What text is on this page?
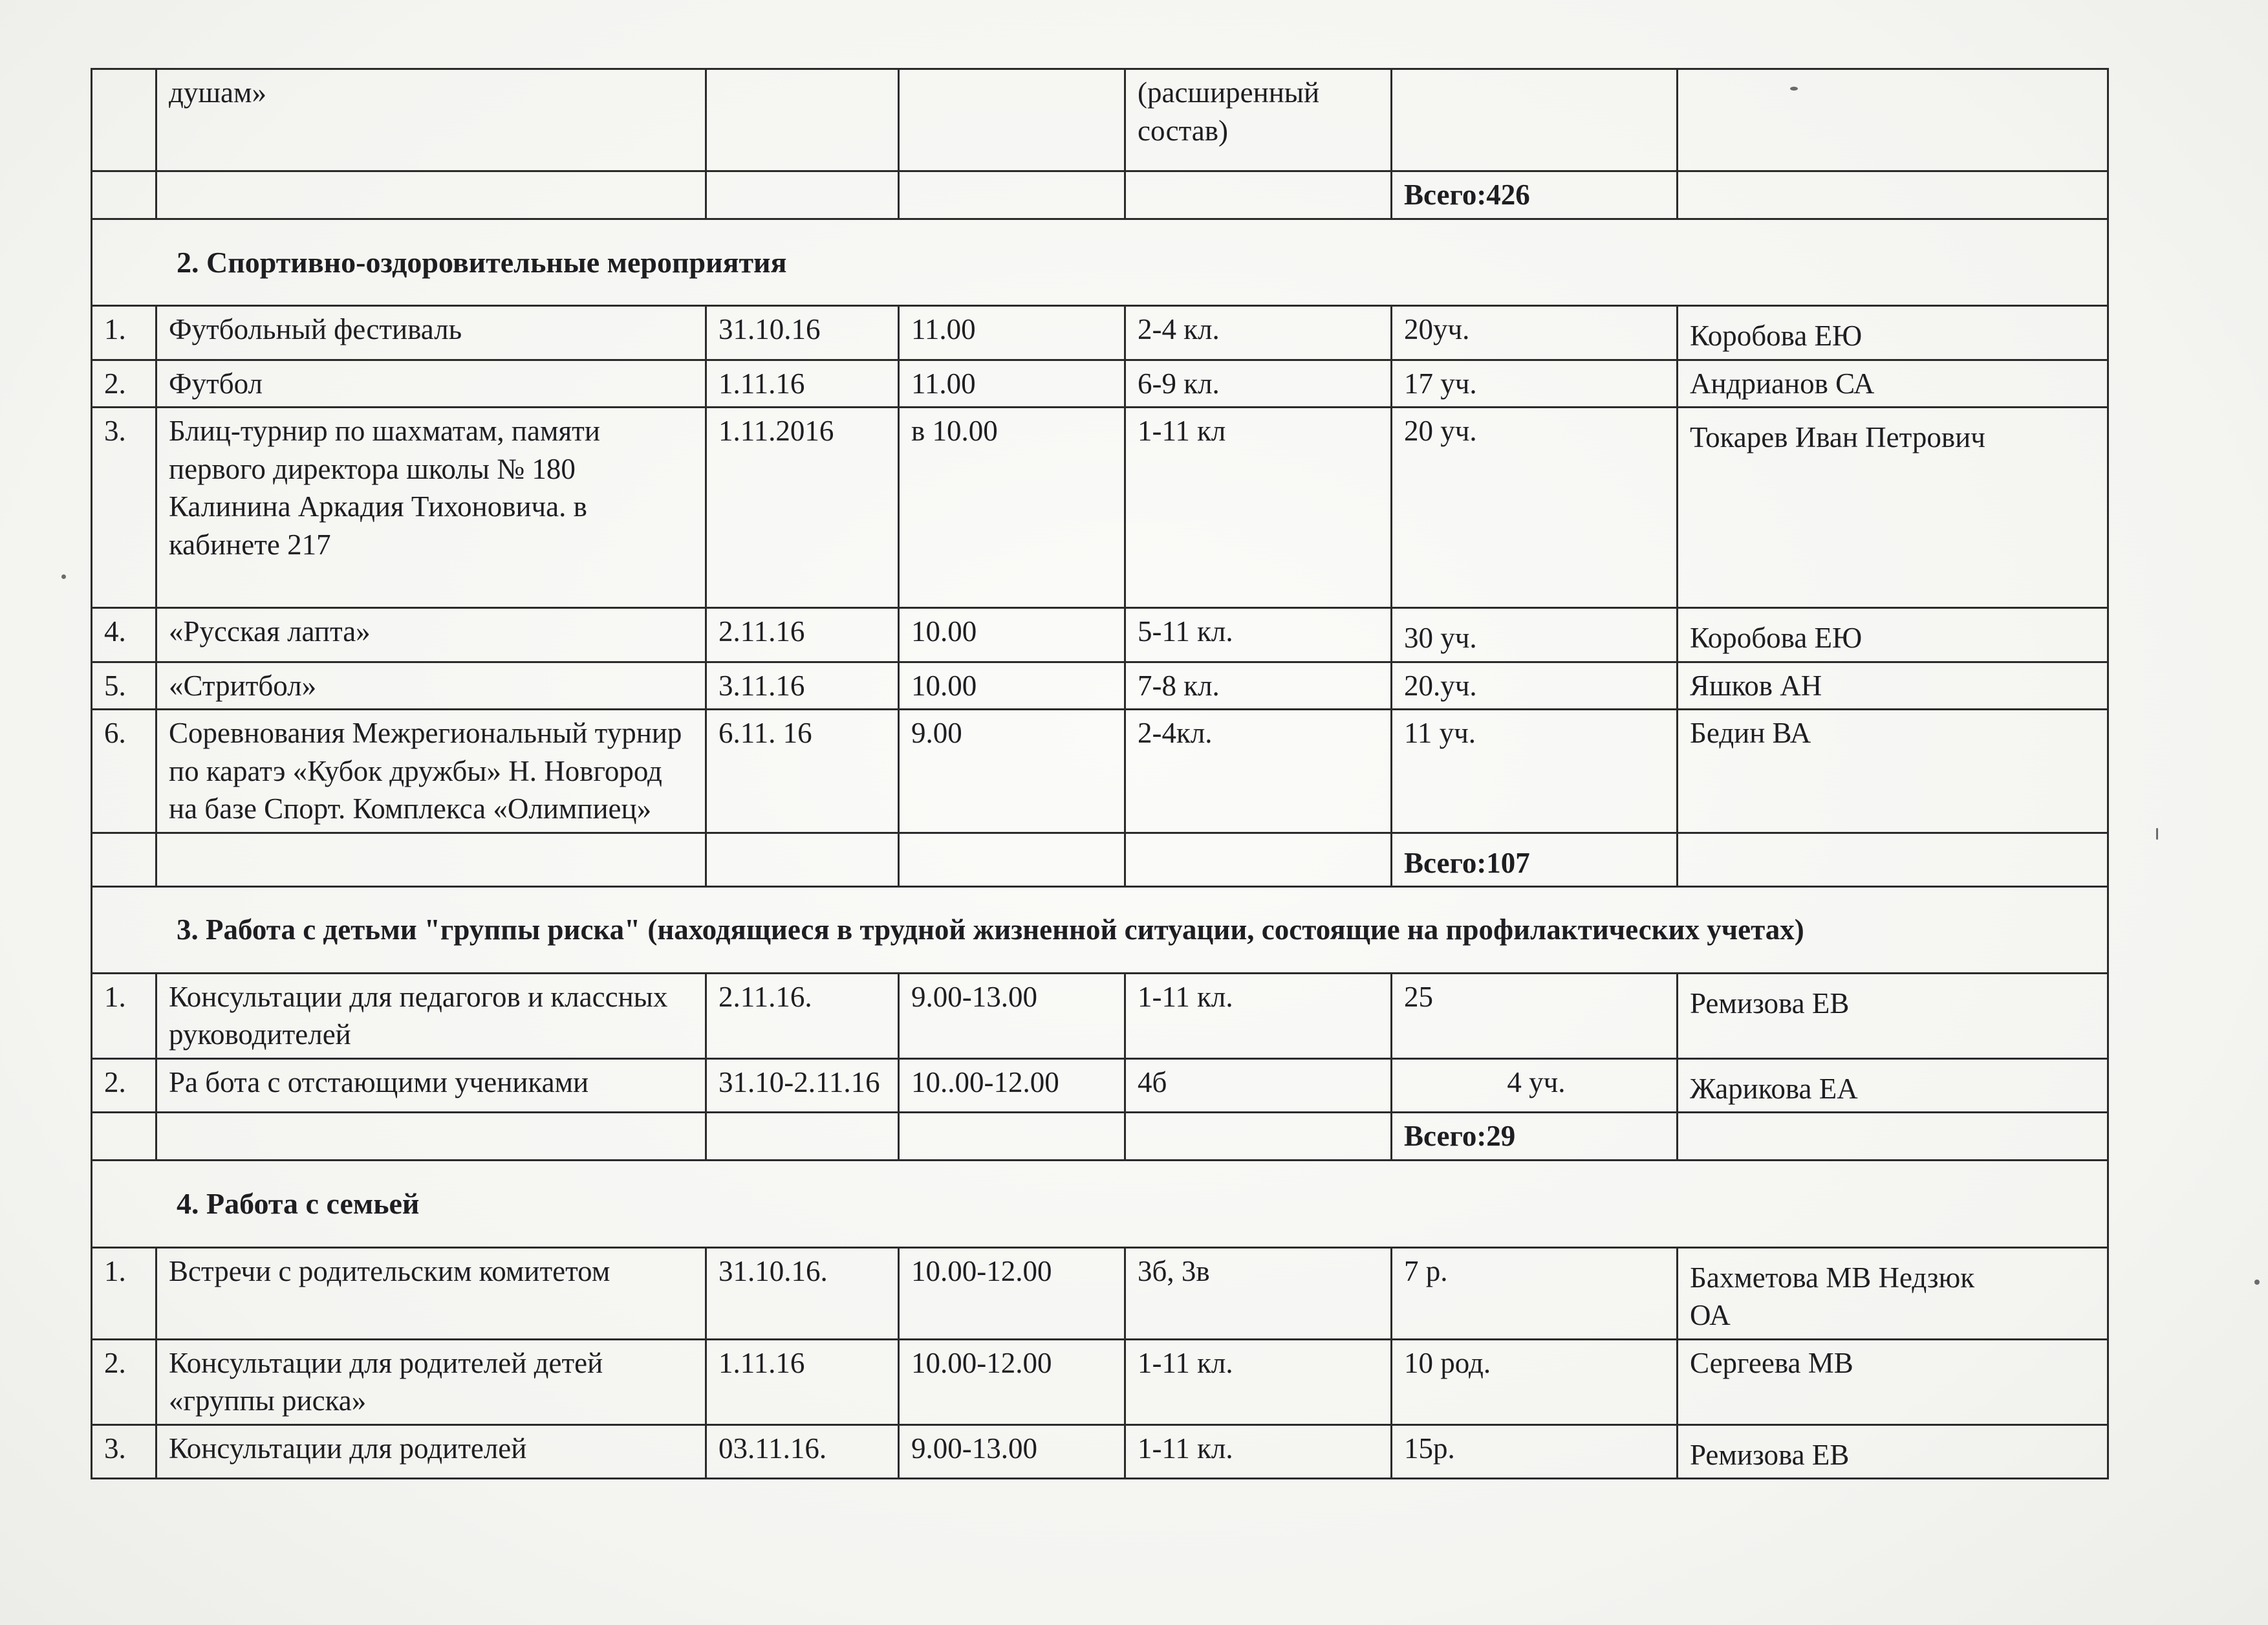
	душам»			(расширенный состав)		
					Всего:426	
2. Спортивно-оздоровительные мероприятия						
1.	Футбольный фестиваль	31.10.16	11.00	2-4 кл.	20уч.	Коробова ЕЮ
2.	Футбол	1.11.16	11.00	6-9 кл.	17 уч.	Андрианов СА
3.	Блиц-турнир по шахматам, памяти первого директора школы № 180 Калинина Аркадия Тихоновича. в кабинете 217	1.11.2016	в 10.00	1-11 кл	20 уч.	Токарев Иван Петрович
4.	«Русская лапта»	2.11.16	10.00	5-11 кл.	30 уч.	Коробова ЕЮ
5.	«Стритбол»	3.11.16	10.00	7-8 кл.	20.уч.	Яшков АН
6.	Соревнования Межрегиональный турнир по каратэ «Кубок дружбы» Н. Новгород на базе Спорт. Комплекса «Олимпиец»	6.11. 16	9.00	2-4кл.	11 уч.	Бедин ВА
					Всего:107	
3. Работа с детьми "группы риска" (находящиеся в трудной жизненной ситуации, состоящие на профилактических учетах)						
1.	Консультации для педагогов и классных руководителей	2.11.16.	9.00-13.00	1-11 кл.	25	Ремизова ЕВ
2.	Ра бота с отстающими учениками	31.10-2.11.16	10..00-12.00	4б	4 уч.	Жарикова ЕА
					Всего:29	
4. Работа с семьей						
1.	Встречи с родительским комитетом	31.10.16.	10.00-12.00	3б, 3в	7 р.	Бахметова МВ Недзюк ОА
2.	Консультации для родителей детей «группы риска»	1.11.16	10.00-12.00	1-11 кл.	10 род.	Сергеева МВ
3.	Консультации для родителей	03.11.16.	9.00-13.00	1-11 кл.	15р.	Ремизова ЕВ
